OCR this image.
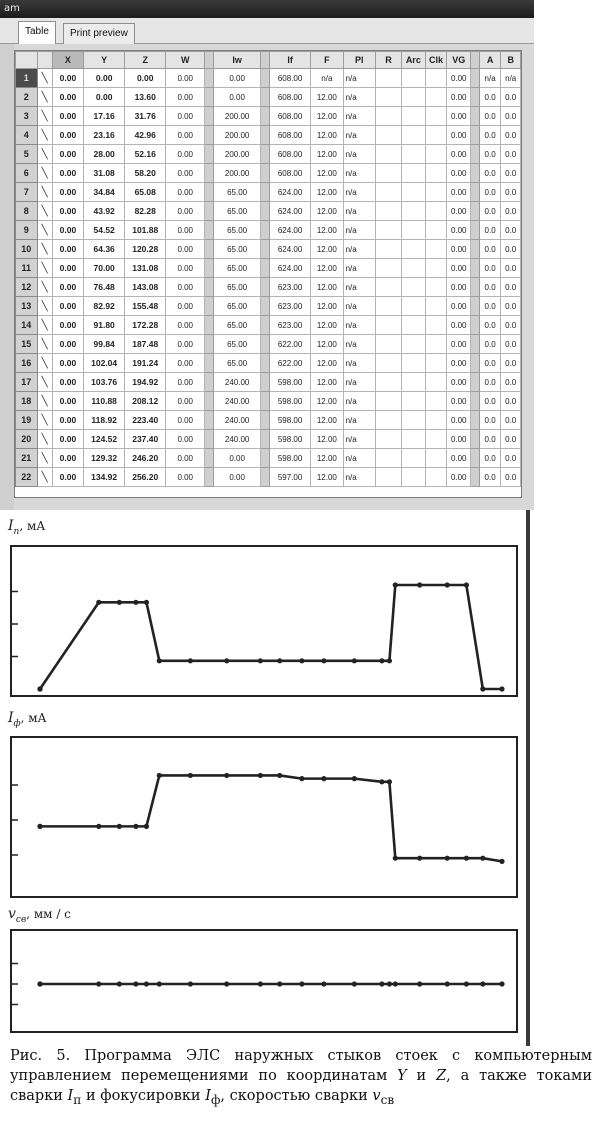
am
Table	Print preview
		X	Y	Z	W		Iw		If	F	Pl	R	Arc	Clk	VG		A	B
1	╲	0.00	0.00	0.00	0.00		0.00		608.00	n/a	n/a				0.00		n/a	n/a
2	╲	0.00	0.00	13.60	0.00		0.00		608.00	12.00	n/a				0.00		0.0	0.0
3	╲	0.00	17.16	31.76	0.00		200.00		608.00	12.00	n/a				0.00		0.0	0.0
4	╲	0.00	23.16	42.96	0.00		200.00		608.00	12.00	n/a				0.00		0.0	0.0
5	╲	0.00	28.00	52.16	0.00		200.00		608.00	12.00	n/a				0.00		0.0	0.0
6	╲	0.00	31.08	58.20	0.00		200.00		608.00	12.00	n/a				0.00		0.0	0.0
7	╲	0.00	34.84	65.08	0.00		65.00		624.00	12.00	n/a				0.00		0.0	0.0
8	╲	0.00	43.92	82.28	0.00		65.00		624.00	12.00	n/a				0.00		0.0	0.0
9	╲	0.00	54.52	101.88	0.00		65.00		624.00	12.00	n/a				0.00		0.0	0.0
10	╲	0.00	64.36	120.28	0.00		65.00		624.00	12.00	n/a				0.00		0.0	0.0
11	╲	0.00	70.00	131.08	0.00		65.00		624.00	12.00	n/a				0.00		0.0	0.0
12	╲	0.00	76.48	143.08	0.00		65.00		623.00	12.00	n/a				0.00		0.0	0.0
13	╲	0.00	82.92	155.48	0.00		65.00		623.00	12.00	n/a				0.00		0.0	0.0
14	╲	0.00	91.80	172.28	0.00		65.00		623.00	12.00	n/a				0.00		0.0	0.0
15	╲	0.00	99.84	187.48	0.00		65.00		622.00	12.00	n/a				0.00		0.0	0.0
16	╲	0.00	102.04	191.24	0.00		65.00		622.00	12.00	n/a				0.00		0.0	0.0
17	╲	0.00	103.76	194.92	0.00		240.00		598.00	12.00	n/a				0.00		0.0	0.0
18	╲	0.00	110.88	208.12	0.00		240.00		598.00	12.00	n/a				0.00		0.0	0.0
19	╲	0.00	118.92	223.40	0.00		240.00		598.00	12.00	n/a				0.00		0.0	0.0
20	╲	0.00	124.52	237.40	0.00		240.00		598.00	12.00	n/a				0.00		0.0	0.0
21	╲	0.00	129.32	246.20	0.00		0.00		598.00	12.00	n/a				0.00		0.0	0.0
22	╲	0.00	134.92	256.20	0.00		0.00		597.00	12.00	n/a				0.00		0.0	0.0
$I_п$, мА
$I_ф$, мА
$v_{св}$, мм / с
Рис. 5. Программа ЭЛС наружных стыков стоек с компьютерным управлением перемещениями по координатам Y и Z, а также токами сварки $I_п$ и фокусировки $I_ф$, скоростью сварки $v_{св}$
